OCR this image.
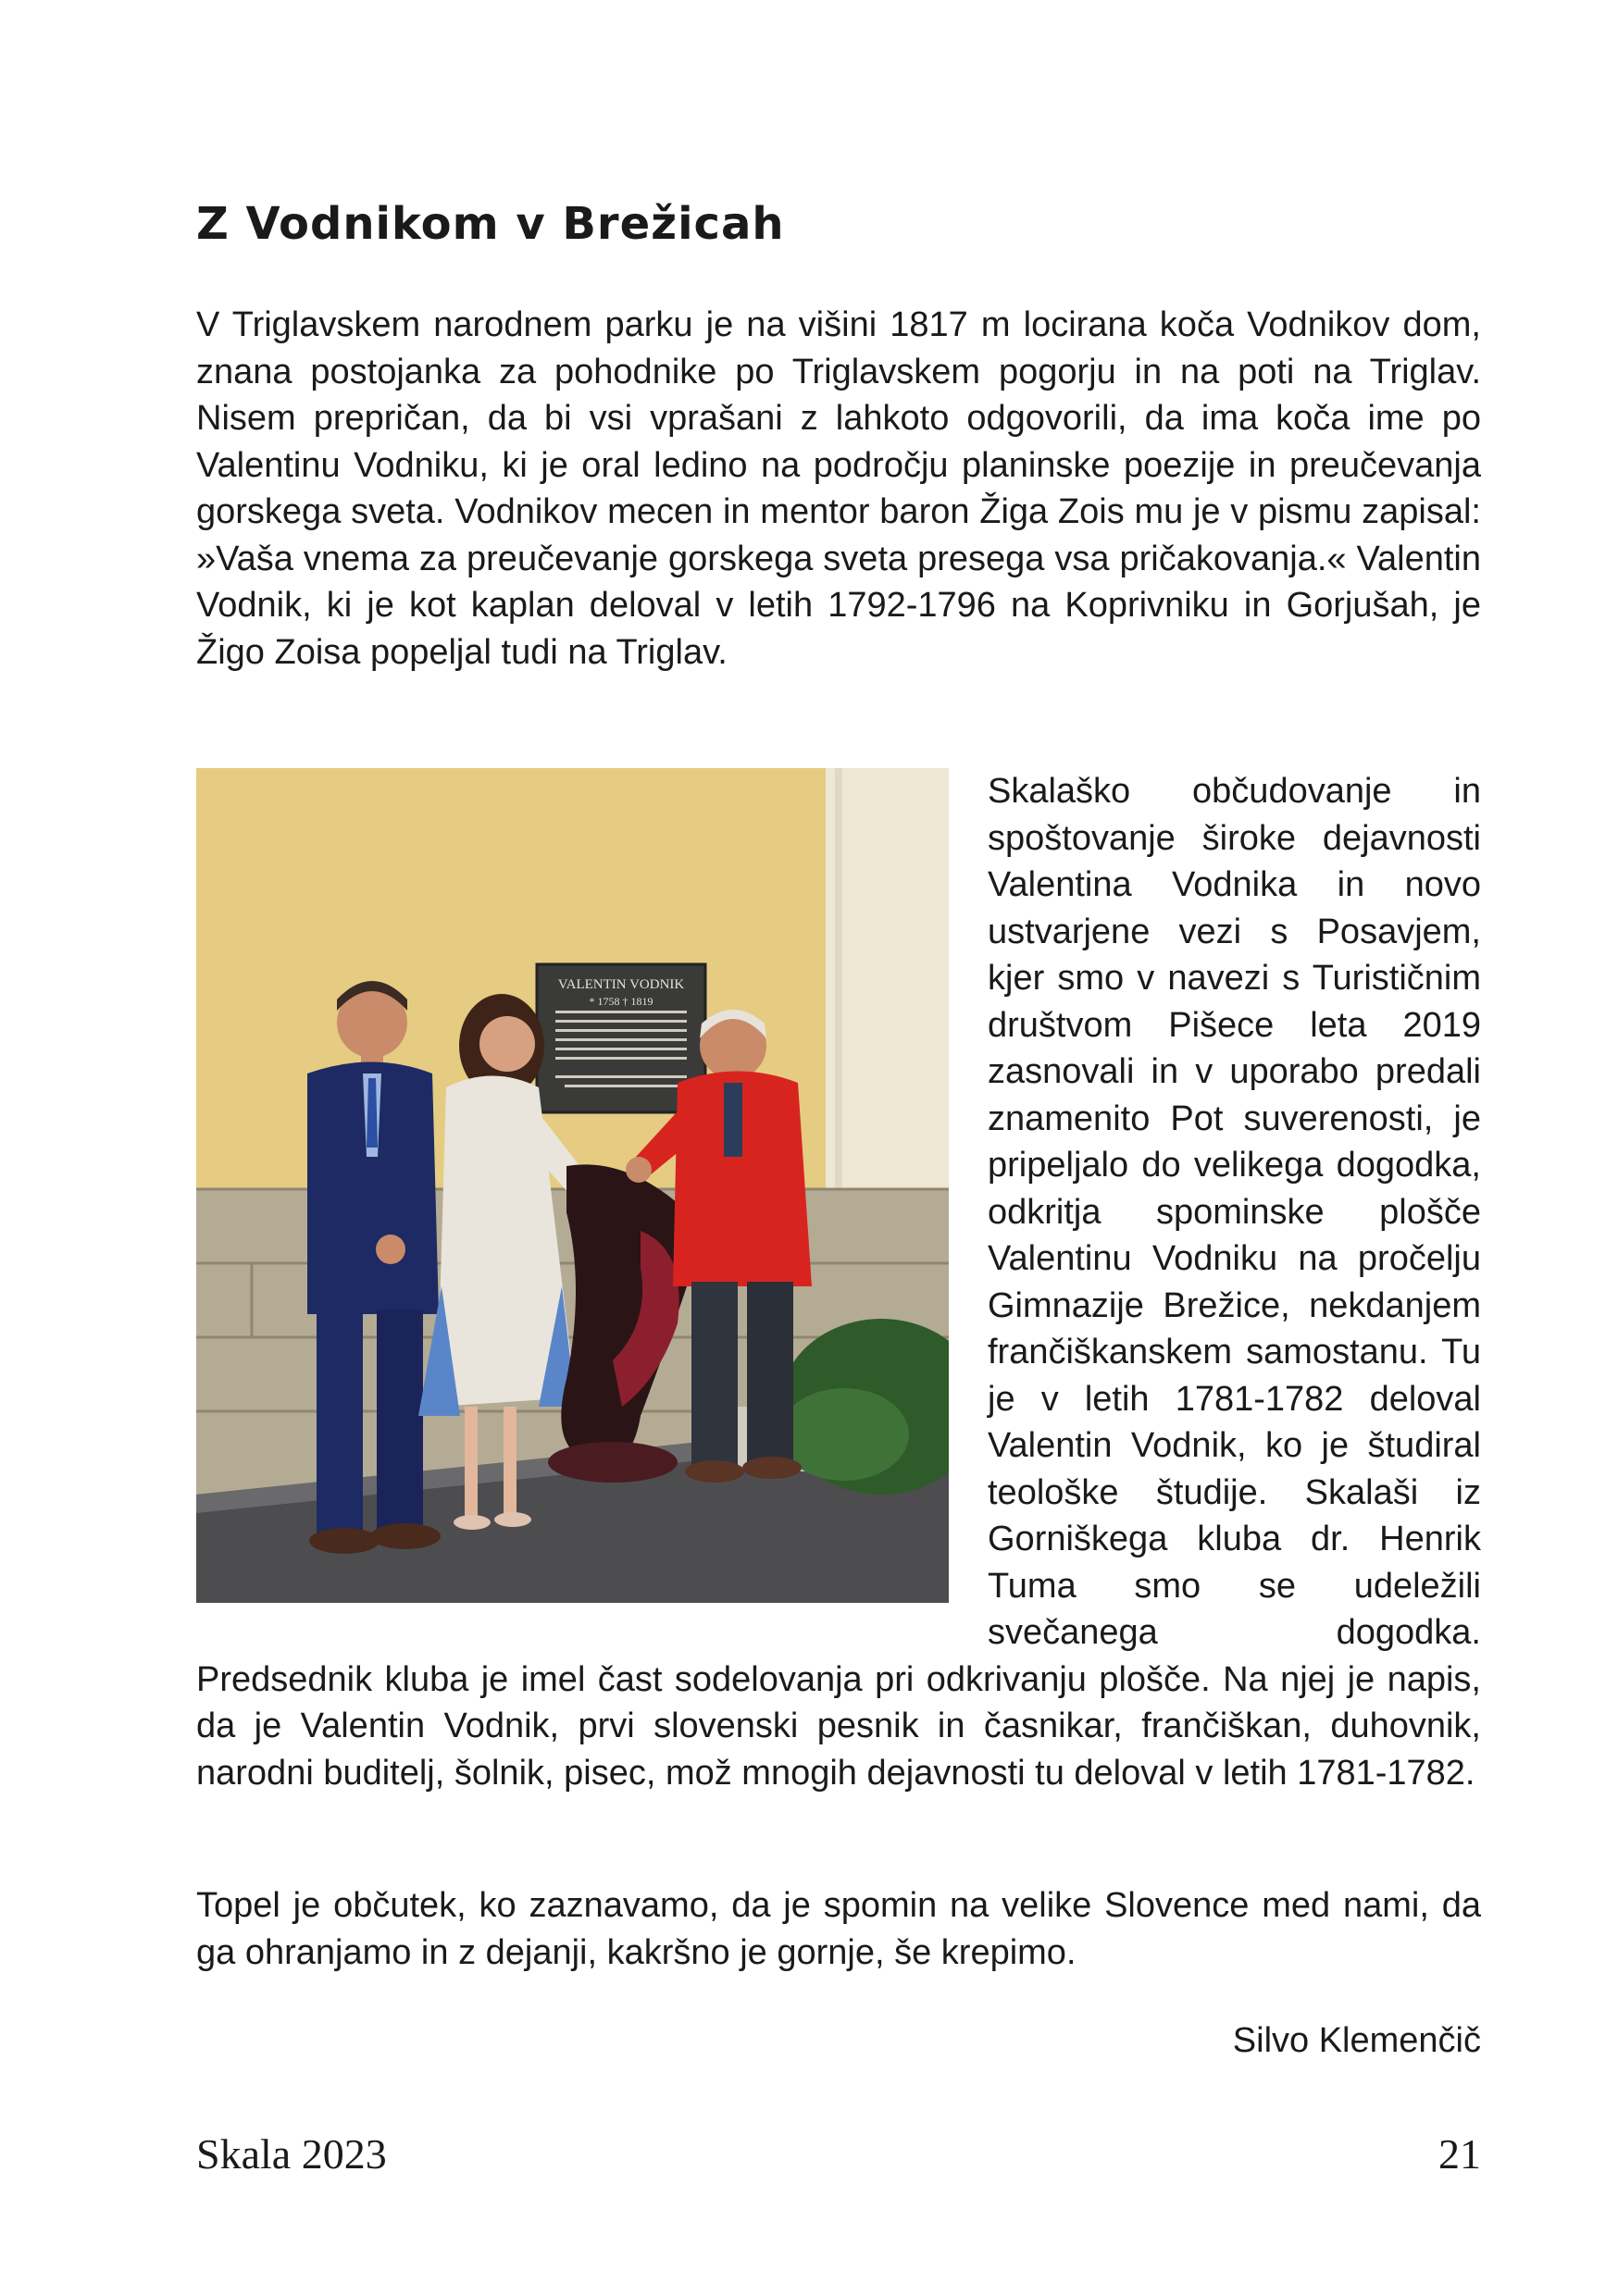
Z Vodnikom v Brežicah

V Triglavskem narodnem parku je na višini 1817 m locirana koča Vodnikov dom, znana postojanka za pohodnike po Triglavskem pogorju in na poti na Triglav. Nisem prepričan, da bi vsi vprašani z lahkoto odgovorili, da ima koča ime po Valentinu Vodniku, ki je oral ledino na področju planinske poezije in preučevanja gorskega sveta. Vodnikov mecen in mentor baron Žiga Zois mu je v pismu zapisal: »Vaša vnema za preučevanje gorskega sveta presega vsa pričakovanja.« Valentin Vodnik, ki je kot kaplan deloval v letih 1792-1796 na Koprivniku in Gorjušah, je Žigo Zoisa popeljal tudi na Triglav.

VALENTIN VODNIK
* 1758 † 1819

Skalaško občudovanje in spoštovanje široke dejavnosti Valentina Vodnika in novo ustvarjene vezi s Posavjem, kjer smo v navezi s Turističnim društvom Pišece leta 2019 zasnovali in v uporabo predali znamenito Pot suverenosti, je pripeljalo do velikega dogodka, odkritja spominske plošče Valentinu Vodniku na pročelju Gimnazije Brežice, nekdanjem frančiškanskem samostanu. Tu je v letih 1781-1782 deloval Valentin Vodnik, ko je študiral teološke študije. Skalaši iz Gorniškega kluba dr. Henrik Tuma smo se udeležili svečanega dogodka. Predsednik kluba je imel čast sodelovanja pri odkrivanju plošče. Na njej je napis, da je Valentin Vodnik, prvi slovenski pesnik in časnikar, frančiškan, duhovnik, narodni buditelj, šolnik, pisec, mož mnogih dejavnosti tu deloval v letih 1781-1782.

Topel je občutek, ko zaznavamo, da je spomin na velike Slovence med nami, da ga ohranjamo in z dejanji, kakršno je gornje, še krepimo.

Silvo Klemenčič
Skala 2023	21
